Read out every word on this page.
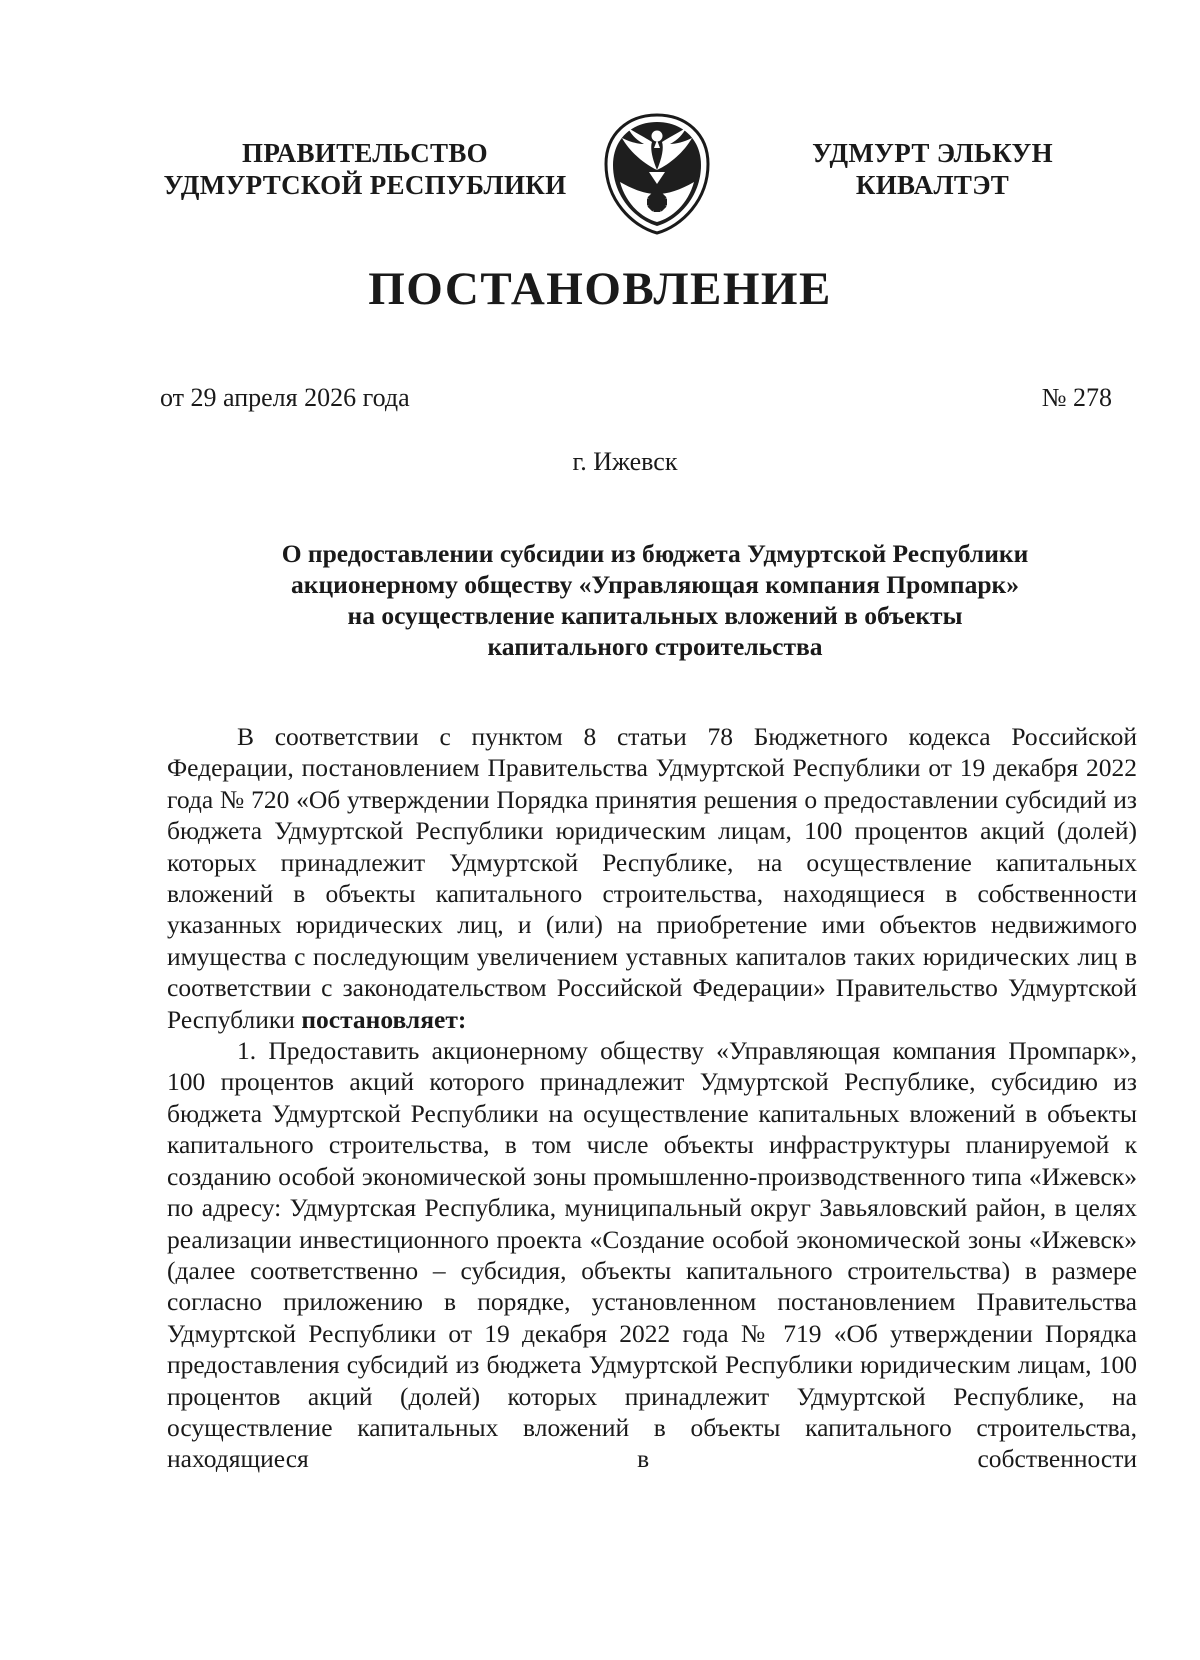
ПРАВИТЕЛЬСТВО
УДМУРТСКОЙ РЕСПУБЛИКИ
УДМУРТ ЭЛЬКУН
КИВАЛТЭТ
ПОСТАНОВЛЕНИЕ
от 29 апреля 2026 года	№ 278
г. Ижевск
О предоставлении субсидии из бюджета Удмуртской Республики
акционерному обществу «Управляющая компания Промпарк»
на осуществление капитальных вложений в объекты
капитального строительства

В соответствии с пунктом 8 статьи 78 Бюджетного кодекса Российской Федерации, постановлением Правительства Удмуртской Республики от 19 декабря 2022 года № 720 «Об утверждении Порядка принятия решения о предоставлении субсидий из бюджета Удмуртской Республики юридическим лицам, 100 процентов акций (долей) которых принадлежит Удмуртской Республике, на осуществление капитальных вложений в объекты капитального строительства, находящиеся в собственности указанных юридических лиц, и (или) на приобретение ими объектов недвижимого имущества с последующим увеличением уставных капиталов таких юридических лиц в соответствии с законодательством Российской Федерации» Правительство Удмуртской Республики постановляет:

1. Предоставить акционерному обществу «Управляющая компания Промпарк», 100 процентов акций которого принадлежит Удмуртской Республике, субсидию из бюджета Удмуртской Республики на осуществление капитальных вложений в объекты капитального строительства, в том числе объекты инфраструктуры планируемой к созданию особой экономической зоны промышленно-производственного типа «Ижевск» по адресу: Удмуртская Республика, муниципальный округ Завьяловский район, в целях реализации инвестиционного проекта «Создание особой экономической зоны «Ижевск» (далее соответственно – субсидия, объекты капитального строительства) в размере согласно приложению в порядке, установленном постановлением Правительства Удмуртской Республики от 19 декабря 2022 года № 719 «Об утверждении Порядка предоставления субсидий из бюджета Удмуртской Республики юридическим лицам, 100 процентов акций (долей) которых принадлежит Удмуртской Республике, на осуществление капитальных вложений в объекты капитального строительства, находящиеся в собственности
